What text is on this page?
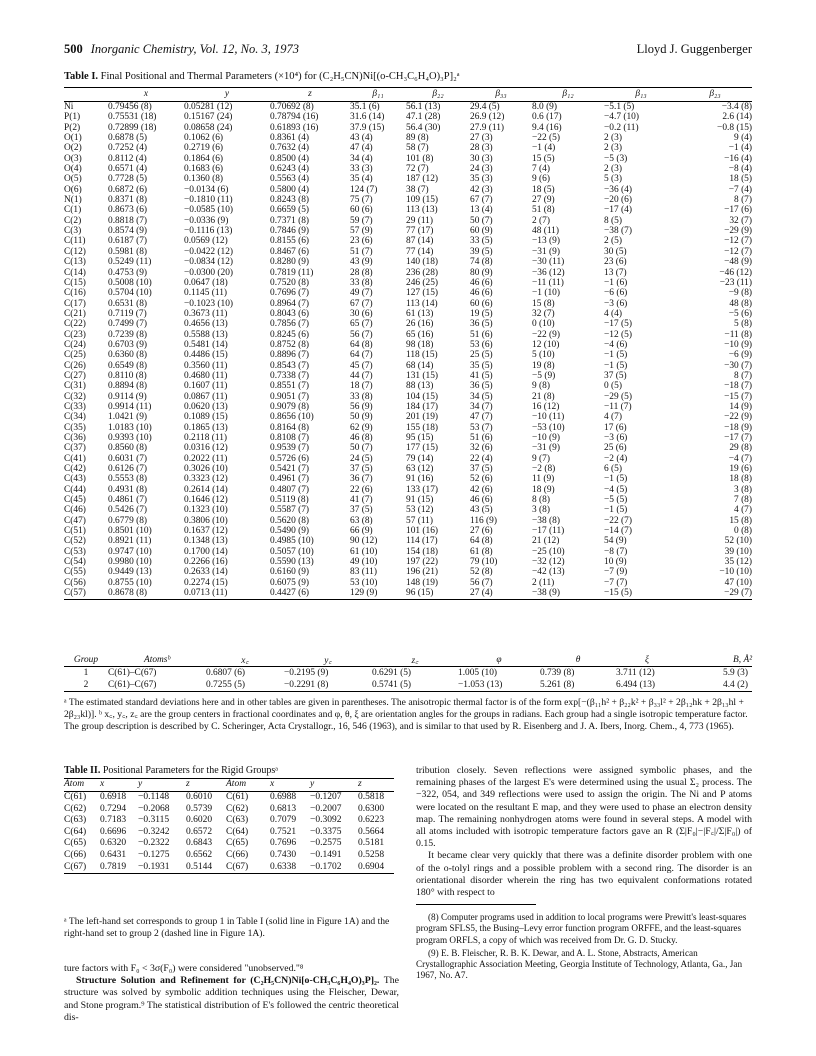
500 Inorganic Chemistry, Vol. 12, No. 3, 1973	Lloyd J. Guggenberger
Table I. Final Positional and Thermal Parameters (×10⁴) for (C₂H₅CN)Ni[(o-CH₃C₆H₄O)₃P]₂ᵃ
	x	y	z	β₁₁	β₂₂	β₃₃	β₁₂	β₁₃	β₂₃
Ni	0.79456 (8)	0.05281 (12)	0.70692 (8)	35.1 (6)	56.1 (13)	29.4 (5)	8.0 (9)	−5.1 (5)	−3.4 (8)
P(1)	0.75531 (18)	0.15167 (24)	0.78794 (16)	31.6 (14)	47.1 (28)	26.9 (12)	0.6 (17)	−4.7 (10)	2.6 (14)
P(2)	0.72899 (18)	0.08658 (24)	0.61893 (16)	37.9 (15)	56.4 (30)	27.9 (11)	9.4 (16)	−0.2 (11)	−0.8 (15)
O(1)	0.6878 (5)	0.1062 (6)	0.8361 (4)	43 (4)	89 (8)	27 (3)	−22 (5)	2 (3)	9 (4)
O(2)	0.7252 (4)	0.2719 (6)	0.7632 (4)	47 (4)	58 (7)	28 (3)	−1 (4)	2 (3)	−1 (4)
O(3)	0.8112 (4)	0.1864 (6)	0.8500 (4)	34 (4)	101 (8)	30 (3)	15 (5)	−5 (3)	−16 (4)
O(4)	0.6571 (4)	0.1683 (6)	0.6243 (4)	33 (3)	72 (7)	24 (3)	7 (4)	2 (3)	−8 (4)
O(5)	0.7728 (5)	0.1360 (8)	0.5563 (4)	35 (4)	187 (12)	35 (3)	9 (6)	5 (3)	18 (5)
O(6)	0.6872 (6)	−0.0134 (6)	0.5800 (4)	124 (7)	38 (7)	42 (3)	18 (5)	−36 (4)	−7 (4)
N(1)	0.8371 (8)	−0.1810 (11)	0.8243 (8)	75 (7)	109 (15)	67 (7)	27 (9)	−20 (6)	8 (7)
C(1)	0.8673 (6)	−0.0585 (10)	0.6659 (5)	60 (6)	113 (13)	13 (4)	51 (8)	−17 (4)	−17 (6)
C(2)	0.8818 (7)	−0.0336 (9)	0.7371 (8)	59 (7)	29 (11)	50 (7)	2 (7)	8 (5)	32 (7)
C(3)	0.8574 (9)	−0.1116 (13)	0.7846 (9)	57 (9)	77 (17)	60 (9)	48 (11)	−38 (7)	−29 (9)
C(11)	0.6187 (7)	0.0569 (12)	0.8155 (6)	23 (6)	87 (14)	33 (5)	−13 (9)	2 (5)	−12 (7)
C(12)	0.5981 (8)	−0.0422 (12)	0.8467 (6)	51 (7)	77 (14)	39 (5)	−31 (9)	30 (5)	−12 (7)
C(13)	0.5249 (11)	−0.0834 (12)	0.8280 (9)	43 (9)	140 (18)	74 (8)	−30 (11)	23 (6)	−48 (9)
C(14)	0.4753 (9)	−0.0300 (20)	0.7819 (11)	28 (8)	236 (28)	80 (9)	−36 (12)	13 (7)	−46 (12)
C(15)	0.5008 (10)	0.0647 (18)	0.7520 (8)	33 (8)	246 (25)	46 (6)	−11 (11)	−1 (6)	−23 (11)
C(16)	0.5704 (10)	0.1145 (11)	0.7696 (7)	49 (7)	127 (15)	46 (6)	−1 (10)	−6 (6)	−9 (8)
C(17)	0.6531 (8)	−0.1023 (10)	0.8964 (7)	67 (7)	113 (14)	60 (6)	15 (8)	−3 (6)	48 (8)
C(21)	0.7119 (7)	0.3673 (11)	0.8043 (6)	30 (6)	61 (13)	19 (5)	32 (7)	4 (4)	−5 (6)
C(22)	0.7499 (7)	0.4656 (13)	0.7856 (7)	65 (7)	26 (16)	36 (5)	0 (10)	−17 (5)	5 (8)
C(23)	0.7239 (8)	0.5588 (13)	0.8245 (6)	56 (7)	65 (16)	51 (6)	−22 (9)	−12 (5)	−11 (8)
C(24)	0.6703 (9)	0.5481 (14)	0.8752 (8)	64 (8)	98 (18)	53 (6)	12 (10)	−4 (6)	−10 (9)
C(25)	0.6360 (8)	0.4486 (15)	0.8896 (7)	64 (7)	118 (15)	25 (5)	5 (10)	−1 (5)	−6 (9)
C(26)	0.6549 (8)	0.3560 (11)	0.8543 (7)	45 (7)	68 (14)	35 (5)	19 (8)	−1 (5)	−30 (7)
C(27)	0.8110 (8)	0.4680 (11)	0.7338 (7)	44 (7)	131 (15)	41 (5)	−5 (9)	37 (5)	8 (7)
C(31)	0.8894 (8)	0.1607 (11)	0.8551 (7)	18 (7)	88 (13)	36 (5)	9 (8)	0 (5)	−18 (7)
C(32)	0.9114 (9)	0.0867 (11)	0.9051 (7)	33 (8)	104 (15)	34 (5)	21 (8)	−29 (5)	−15 (7)
C(33)	0.9914 (11)	0.0620 (13)	0.9079 (8)	56 (9)	184 (17)	34 (7)	16 (12)	−11 (7)	14 (9)
C(34)	1.0421 (9)	0.1089 (15)	0.8656 (10)	50 (9)	201 (19)	47 (7)	−10 (11)	4 (7)	−22 (9)
C(35)	1.0183 (10)	0.1865 (13)	0.8164 (8)	62 (9)	155 (18)	53 (7)	−53 (10)	17 (6)	−18 (9)
C(36)	0.9393 (10)	0.2118 (11)	0.8108 (7)	46 (8)	95 (15)	51 (6)	−10 (9)	−3 (6)	−17 (7)
C(37)	0.8560 (8)	0.0316 (12)	0.9539 (7)	50 (7)	177 (15)	32 (6)	−31 (9)	25 (6)	29 (8)
C(41)	0.6031 (7)	0.2022 (11)	0.5726 (6)	24 (5)	79 (14)	22 (4)	9 (7)	−2 (4)	−4 (7)
C(42)	0.6126 (7)	0.3026 (10)	0.5421 (7)	37 (5)	63 (12)	37 (5)	−2 (8)	6 (5)	19 (6)
C(43)	0.5553 (8)	0.3323 (12)	0.4961 (7)	36 (7)	91 (16)	52 (6)	11 (9)	−1 (5)	18 (8)
C(44)	0.4931 (8)	0.2614 (14)	0.4807 (7)	22 (6)	133 (17)	42 (6)	18 (9)	−4 (5)	3 (8)
C(45)	0.4861 (7)	0.1646 (12)	0.5119 (8)	41 (7)	91 (15)	46 (6)	8 (8)	−5 (5)	7 (8)
C(46)	0.5426 (7)	0.1323 (10)	0.5587 (7)	37 (5)	53 (12)	43 (5)	3 (8)	−1 (5)	4 (7)
C(47)	0.6779 (8)	0.3806 (10)	0.5620 (8)	63 (8)	57 (11)	116 (9)	−38 (8)	−22 (7)	15 (8)
C(51)	0.8501 (10)	0.1637 (12)	0.5490 (9)	66 (9)	101 (16)	27 (6)	−17 (11)	−14 (7)	0 (8)
C(52)	0.8921 (11)	0.1348 (13)	0.4985 (10)	90 (12)	114 (17)	64 (8)	21 (12)	54 (9)	52 (10)
C(53)	0.9747 (10)	0.1700 (14)	0.5057 (10)	61 (10)	154 (18)	61 (8)	−25 (10)	−8 (7)	39 (10)
C(54)	0.9980 (10)	0.2266 (16)	0.5590 (13)	49 (10)	197 (22)	79 (10)	−32 (12)	10 (9)	35 (12)
C(55)	0.9449 (13)	0.2633 (14)	0.6160 (9)	83 (11)	196 (21)	52 (8)	−42 (13)	−7 (9)	−10 (10)
C(56)	0.8755 (10)	0.2274 (15)	0.6075 (9)	53 (10)	148 (19)	56 (7)	2 (11)	−7 (7)	47 (10)
C(57)	0.8678 (8)	0.0713 (11)	0.4427 (6)	129 (9)	96 (15)	27 (4)	−38 (9)	−15 (5)	−29 (7)
Group	Atomsᵇ	x꜀	y꜀	z꜀	φ	θ	ξ	B, Å²
1	C(61)–C(67)	0.6807 (6)	−0.2195 (9)	0.6291 (5)	1.005 (10)	0.739 (8)	3.711 (12)	5.9 (3)
2	C(61)–C(67)	0.7255 (5)	−0.2291 (8)	0.5741 (5)	−1.053 (13)	5.261 (8)	6.494 (13)	4.4 (2)
ᵃ The estimated standard deviations here and in other tables are given in parentheses. The anisotropic thermal factor is of the form exp[−(β₁₁h² + β₂₂k² + β₃₃l² + 2β₁₂hk + 2β₁₃hl + 2β₂₃kl)]. ᵇ x꜀, y꜀, z꜀ are the group centers in fractional coordinates and φ, θ, ξ are orientation angles for the groups in radians. Each group had a single isotropic temperature factor. The group description is described by C. Scheringer, Acta Crystallogr., 16, 546 (1963), and is similar to that used by R. Eisenberg and J. A. Ibers, Inorg. Chem., 4, 773 (1965).
Table II. Positional Parameters for the Rigid Groupsᵃ
Atom	x	y	z	Atom	x	y	z
C(61)	0.6918	−0.1148	0.6010	C(61)	0.6988	−0.1207	0.5818
C(62)	0.7294	−0.2068	0.5739	C(62)	0.6813	−0.2007	0.6300
C(63)	0.7183	−0.3115	0.6020	C(63)	0.7079	−0.3092	0.6223
C(64)	0.6696	−0.3242	0.6572	C(64)	0.7521	−0.3375	0.5664
C(65)	0.6320	−0.2322	0.6843	C(65)	0.7696	−0.2575	0.5181
C(66)	0.6431	−0.1275	0.6562	C(66)	0.7430	−0.1491	0.5258
C(67)	0.7819	−0.1931	0.5144	C(67)	0.6338	−0.1702	0.6904
ᵃ The left-hand set corresponds to group 1 in Table I (solid line in Figure 1A) and the right-hand set to group 2 (dashed line in Figure 1A).
ture factors with F₀ < 3σ(F₀) were considered "unobserved."⁸
Structure Solution and Refinement for (C₂H₅CN)Ni[o-CH₃C₆H₄O)₃P]₂. The structure was solved by symbolic addition techniques using the Fleischer, Dewar, and Stone program.⁹ The statistical distribution of E's followed the centric theoretical dis-

tribution closely. Seven reflections were assigned symbolic phases, and the remaining phases of the largest E's were determined using the usual Σ₂ process. The −322, 054, and 349 reflections were used to assign the origin. The Ni and P atoms were located on the resultant E map, and they were used to phase an electron density map. The remaining nonhydrogen atoms were found in several steps. A model with all atoms included with isotropic temperature factors gave an R (Σ|F₀|−|F꜀|/Σ|F₀|) of 0.15.

It became clear very quickly that there was a definite disorder problem with one of the o-tolyl rings and a possible problem with a second ring. The disorder is an orientational disorder wherein the ring has two equivalent conformations rotated 180° with respect to

(8) Computer programs used in addition to local programs were Prewitt's least-squares program SFLS5, the Busing–Levy error function program ORFFE, and the least-squares program ORFLS, a copy of which was received from Dr. G. D. Stucky.

(9) E. B. Fleischer, R. B. K. Dewar, and A. L. Stone, Abstracts, American Crystallographic Association Meeting, Georgia Institute of Technology, Atlanta, Ga., Jan 1967, No. A7.
